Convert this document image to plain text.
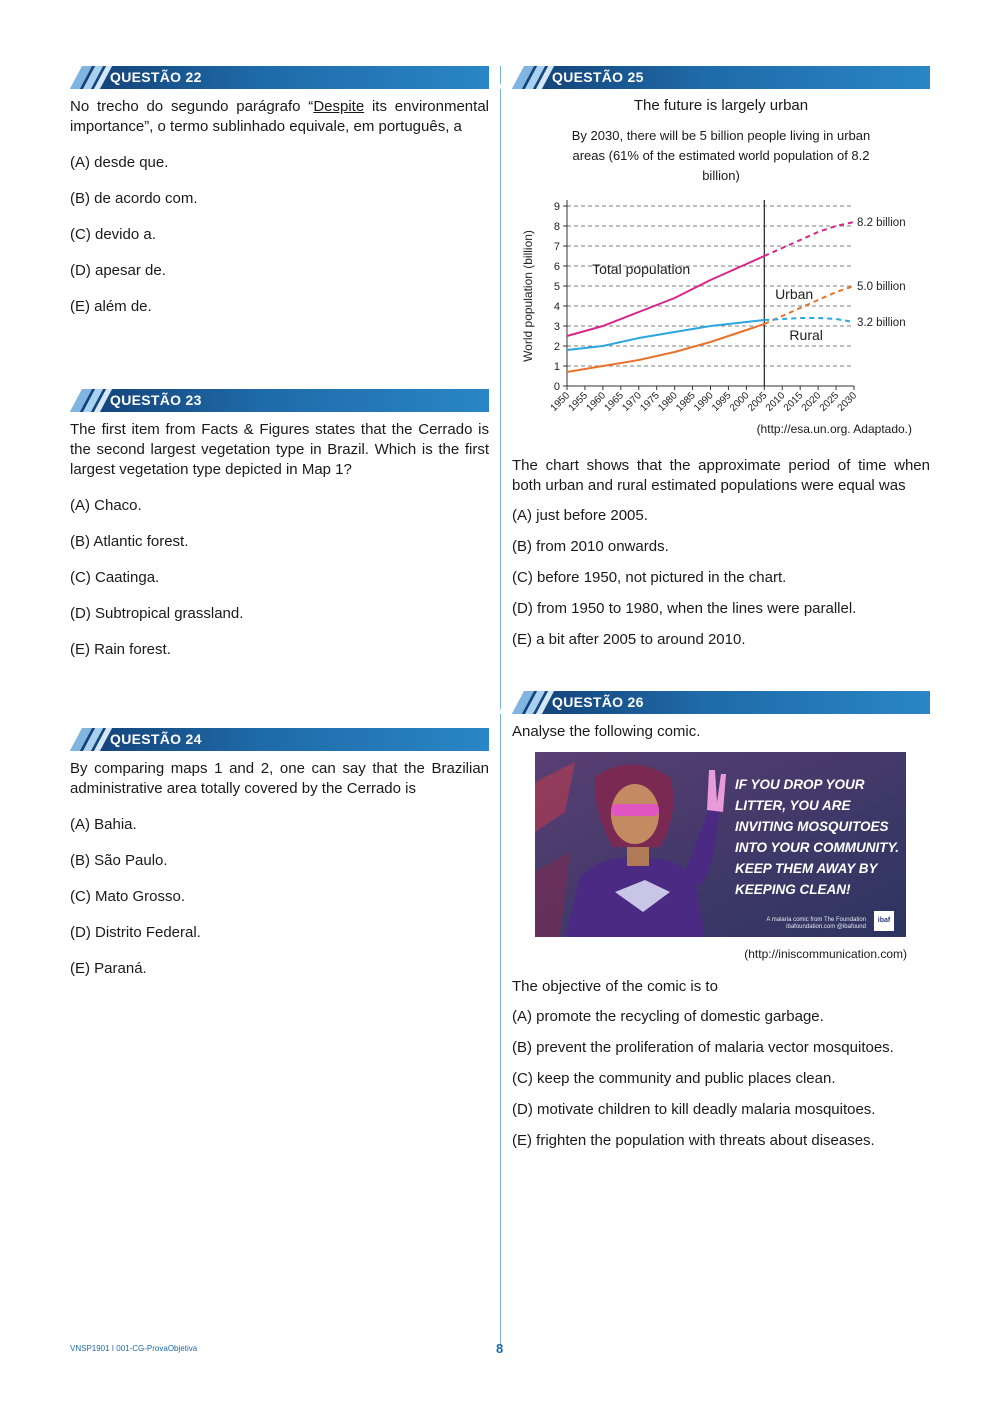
QUESTÃO 22

No trecho do segundo parágrafo “Despite its environmental importance”, o termo sublinhado equivale, em português, a

(A) desde que.
(B) de acordo com.
(C) devido a.
(D) apesar de.
(E) além de.
QUESTÃO 23

The first item from Facts & Figures states that the Cerrado is the second largest vegetation type in Brazil. Which is the first largest vegetation type depicted in Map 1?

(A) Chaco.
(B) Atlantic forest.
(C) Caatinga.
(D) Subtropical grassland.
(E) Rain forest.
QUESTÃO 24

By comparing maps 1 and 2, one can say that the Brazilian administrative area totally covered by the Cerrado is

(A) Bahia.
(B) São Paulo.
(C) Mato Grosso.
(D) Distrito Federal.
(E) Paraná.
QUESTÃO 25
The future is largely urban
By 2030, there will be 5 billion people living in urban areas (61% of the estimated world population of 8.2 billion)
0
1
2
3
4
5
6
7
8
9
1950
1955
1960
1965
1970
1975
1980
1985
1990
1995
2000
2005
2010
2015
2020
2025
2030
World population (billion)
8.2 billion
Total population
5.0 billion
Urban
3.2 billion
Rural
(http://esa.un.org. Adaptado.)

The chart shows that the approximate period of time when both urban and rural estimated populations were equal was

(A) just before 2005.
(B) from 2010 onwards.
(C) before 1950, not pictured in the chart.
(D) from 1950 to 1980, when the lines were parallel.
(E) a bit after 2005 to around 2010.
QUESTÃO 26

Analyse the following comic.

IF YOU DROP YOUR LITTER, YOU ARE INVITING MOSQUITOES INTO YOUR COMMUNITY. KEEP THEM AWAY BY KEEPING CLEAN!
A malaria comic from The Foundation ibafoundation.com @ibafound
ibaf
(http://iniscommunication.com)

The objective of the comic is to

(A) promote the recycling of domestic garbage.
(B) prevent the proliferation of malaria vector mosquitoes.
(C) keep the community and public places clean.
(D) motivate children to kill deadly malaria mosquitoes.
(E) frighten the population with threats about diseases.
VNSP1901 I 001-CG-ProvaObjetiva	8
